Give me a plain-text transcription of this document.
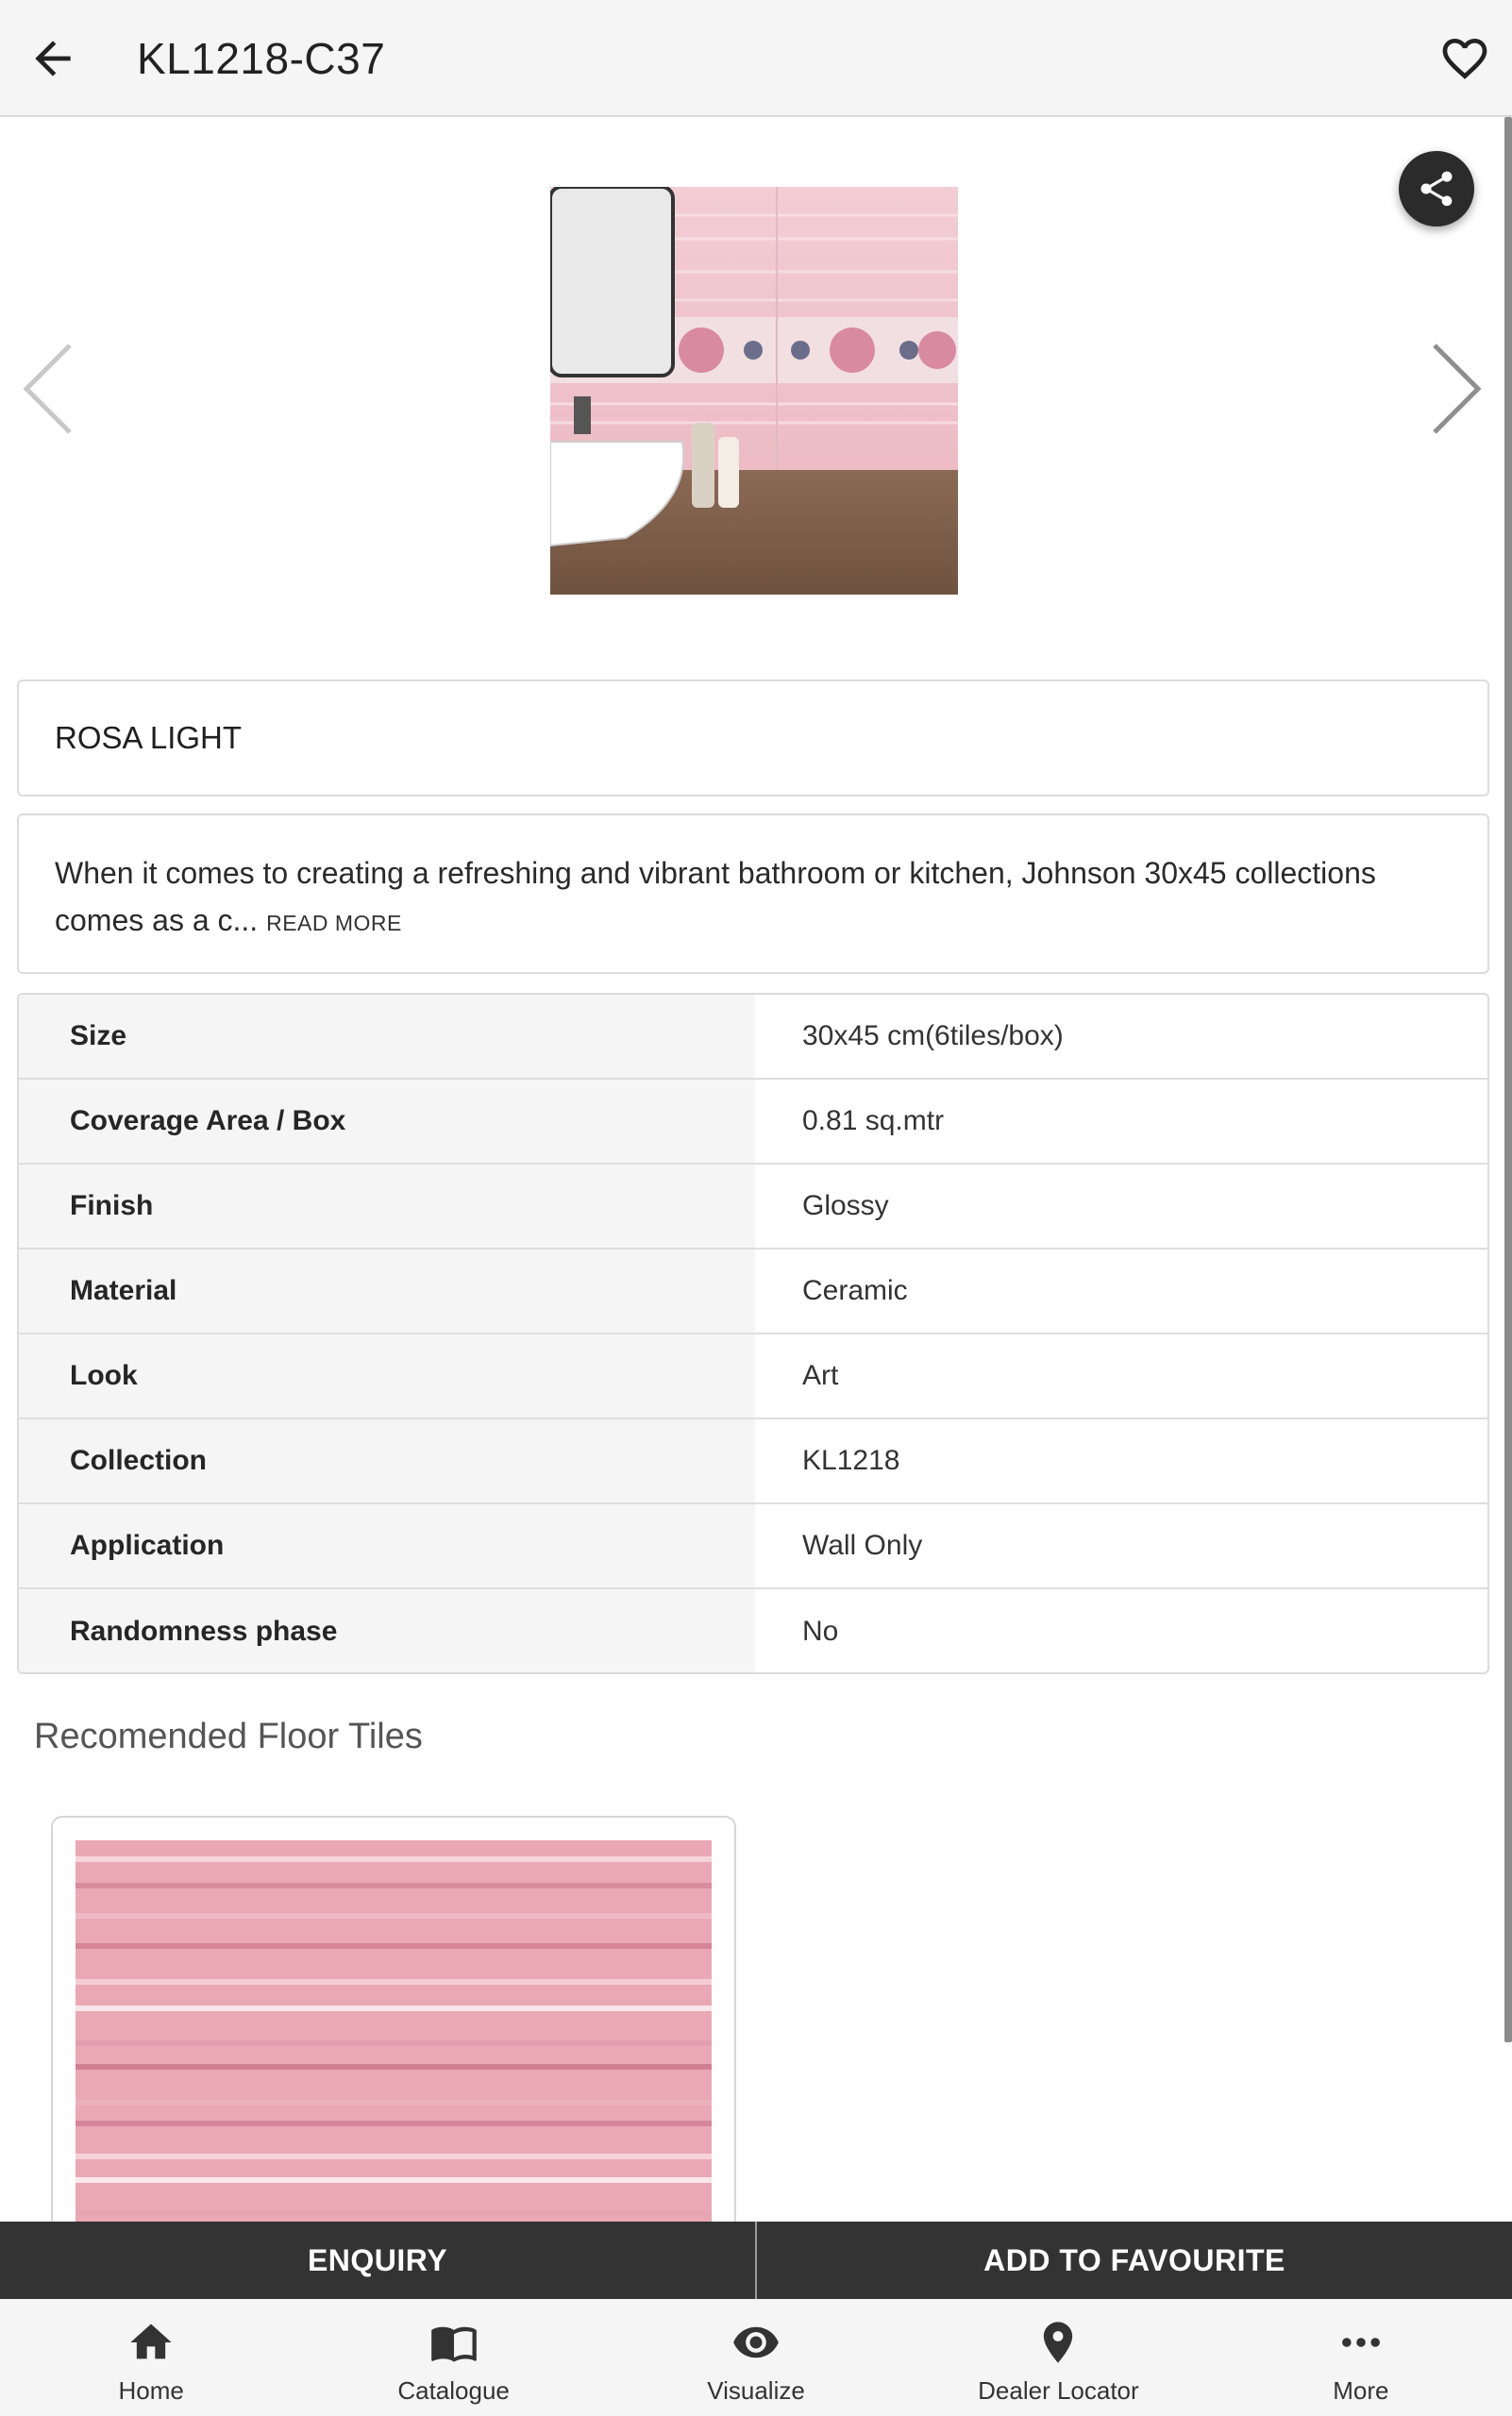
KL1218-C37
ROSA LIGHT
When it comes to creating a refreshing and vibrant bathroom or kitchen, Johnson 30x45 collections comes as a c... READ MORE
Size	30x45 cm(6tiles/box)
Coverage Area / Box	0.81 sq.mtr
Finish	Glossy
Material	Ceramic
Look	Art
Collection	KL1218
Application	Wall Only
Randomness phase	No
Recomended Floor Tiles
ENQUIRY	ADD TO FAVOURITE
Home	Catalogue	Visualize	Dealer Locator	More
